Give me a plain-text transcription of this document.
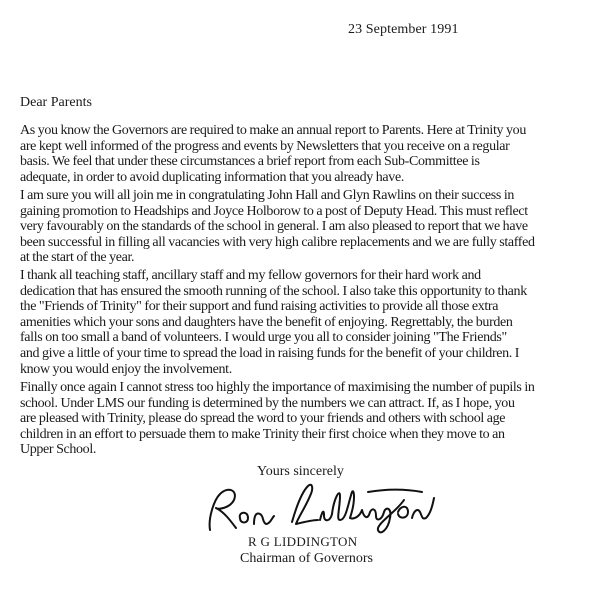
23 September 1991
Dear Parents

As you know the Governors are required to make an annual report to Parents. Here at Trinity you
are kept well informed of the progress and events by Newsletters that you receive on a regular
basis. We feel that under these circumstances a brief report from each Sub-Committee is
adequate, in order to avoid duplicating information that you already have.

I am sure you will all join me in congratulating John Hall and Glyn Rawlins on their success in
gaining promotion to Headships and Joyce Holborow to a post of Deputy Head. This must reflect
very favourably on the standards of the school in general. I am also pleased to report that we have
been successful in filling all vacancies with very high calibre replacements and we are fully staffed
at the start of the year.

I thank all teaching staff, ancillary staff and my fellow governors for their hard work and
dedication that has ensured the smooth running of the school. I also take this opportunity to thank
the "Friends of Trinity" for their support and fund raising activities to provide all those extra
amenities which your sons and daughters have the benefit of enjoying. Regrettably, the burden
falls on too small a band of volunteers. I would urge you all to consider joining "The Friends"
and give a little of your time to spread the load in raising funds for the benefit of your children. I
know you would enjoy the involvement.

Finally once again I cannot stress too highly the importance of maximising the number of pupils in
school. Under LMS our funding is determined by the numbers we can attract. If, as I hope, you
are pleased with Trinity, please do spread the word to your friends and others with school age
children in an effort to persuade them to make Trinity their first choice when they move to an
Upper School.

Yours sincerely
R G LIDDINGTON
Chairman of Governors
